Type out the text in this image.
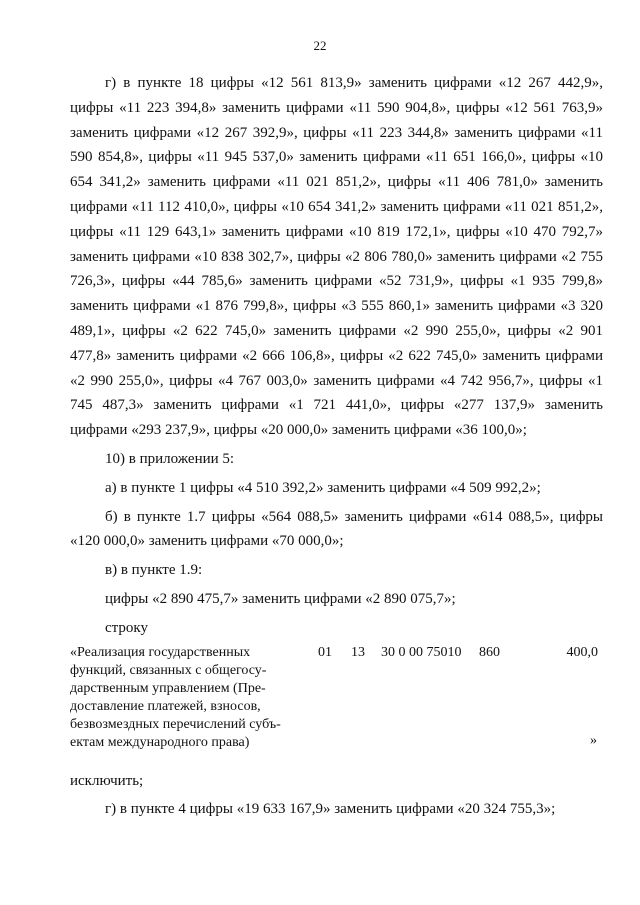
22

г) в пункте 18 цифры «12 561 813,9» заменить цифрами «12 267 442,9», цифры «11 223 394,8» заменить цифрами «11 590 904,8», цифры «12 561 763,9» заменить цифрами «12 267 392,9», цифры «11 223 344,8» заменить цифрами «11 590 854,8», цифры «11 945 537,0» заменить цифрами «11 651 166,0», цифры «10 654 341,2» заменить цифрами «11 021 851,2», цифры «11 406 781,0» заменить цифрами «11 112 410,0», цифры «10 654 341,2» заменить цифрами «11 021 851,2», цифры «11 129 643,1» заменить цифрами «10 819 172,1», цифры «10 470 792,7» заменить цифрами «10 838 302,7», цифры «2 806 780,0» заменить цифрами «2 755 726,3», цифры «44 785,6» заменить цифрами «52 731,9», цифры «1 935 799,8» заменить цифрами «1 876 799,8», цифры «3 555 860,1» заменить цифрами «3 320 489,1», цифры «2 622 745,0» заменить цифрами «2 990 255,0», цифры «2 901 477,8» заменить цифрами «2 666 106,8», цифры «2 622 745,0» заменить цифрами «2 990 255,0», цифры «4 767 003,0» заменить цифрами «4 742 956,7», цифры «1 745 487,3» заменить цифрами «1 721 441,0», цифры «277 137,9» заменить цифрами «293 237,9», цифры «20 000,0» заменить цифрами «36 100,0»;

10) в приложении 5:

а) в пункте 1 цифры «4 510 392,2» заменить цифрами «4 509 992,2»;

б) в пункте 1.7 цифры «564 088,5» заменить цифрами «614 088,5», цифры «120 000,0» заменить цифрами «70 000,0»;

в) в пункте 1.9:

цифры «2 890 475,7» заменить цифрами «2 890 075,7»;

строку

«Реализация государственных
функций, связанных с общегосу-
дарственным управлением (Пре-
доставление платежей, взносов,
безвозмездных перечислений субъ-
ектам международного права)
01 13 30 0 00 75010 860	400,0
»

исключить;

г) в пункте 4 цифры «19 633 167,9» заменить цифрами «20 324 755,3»;
